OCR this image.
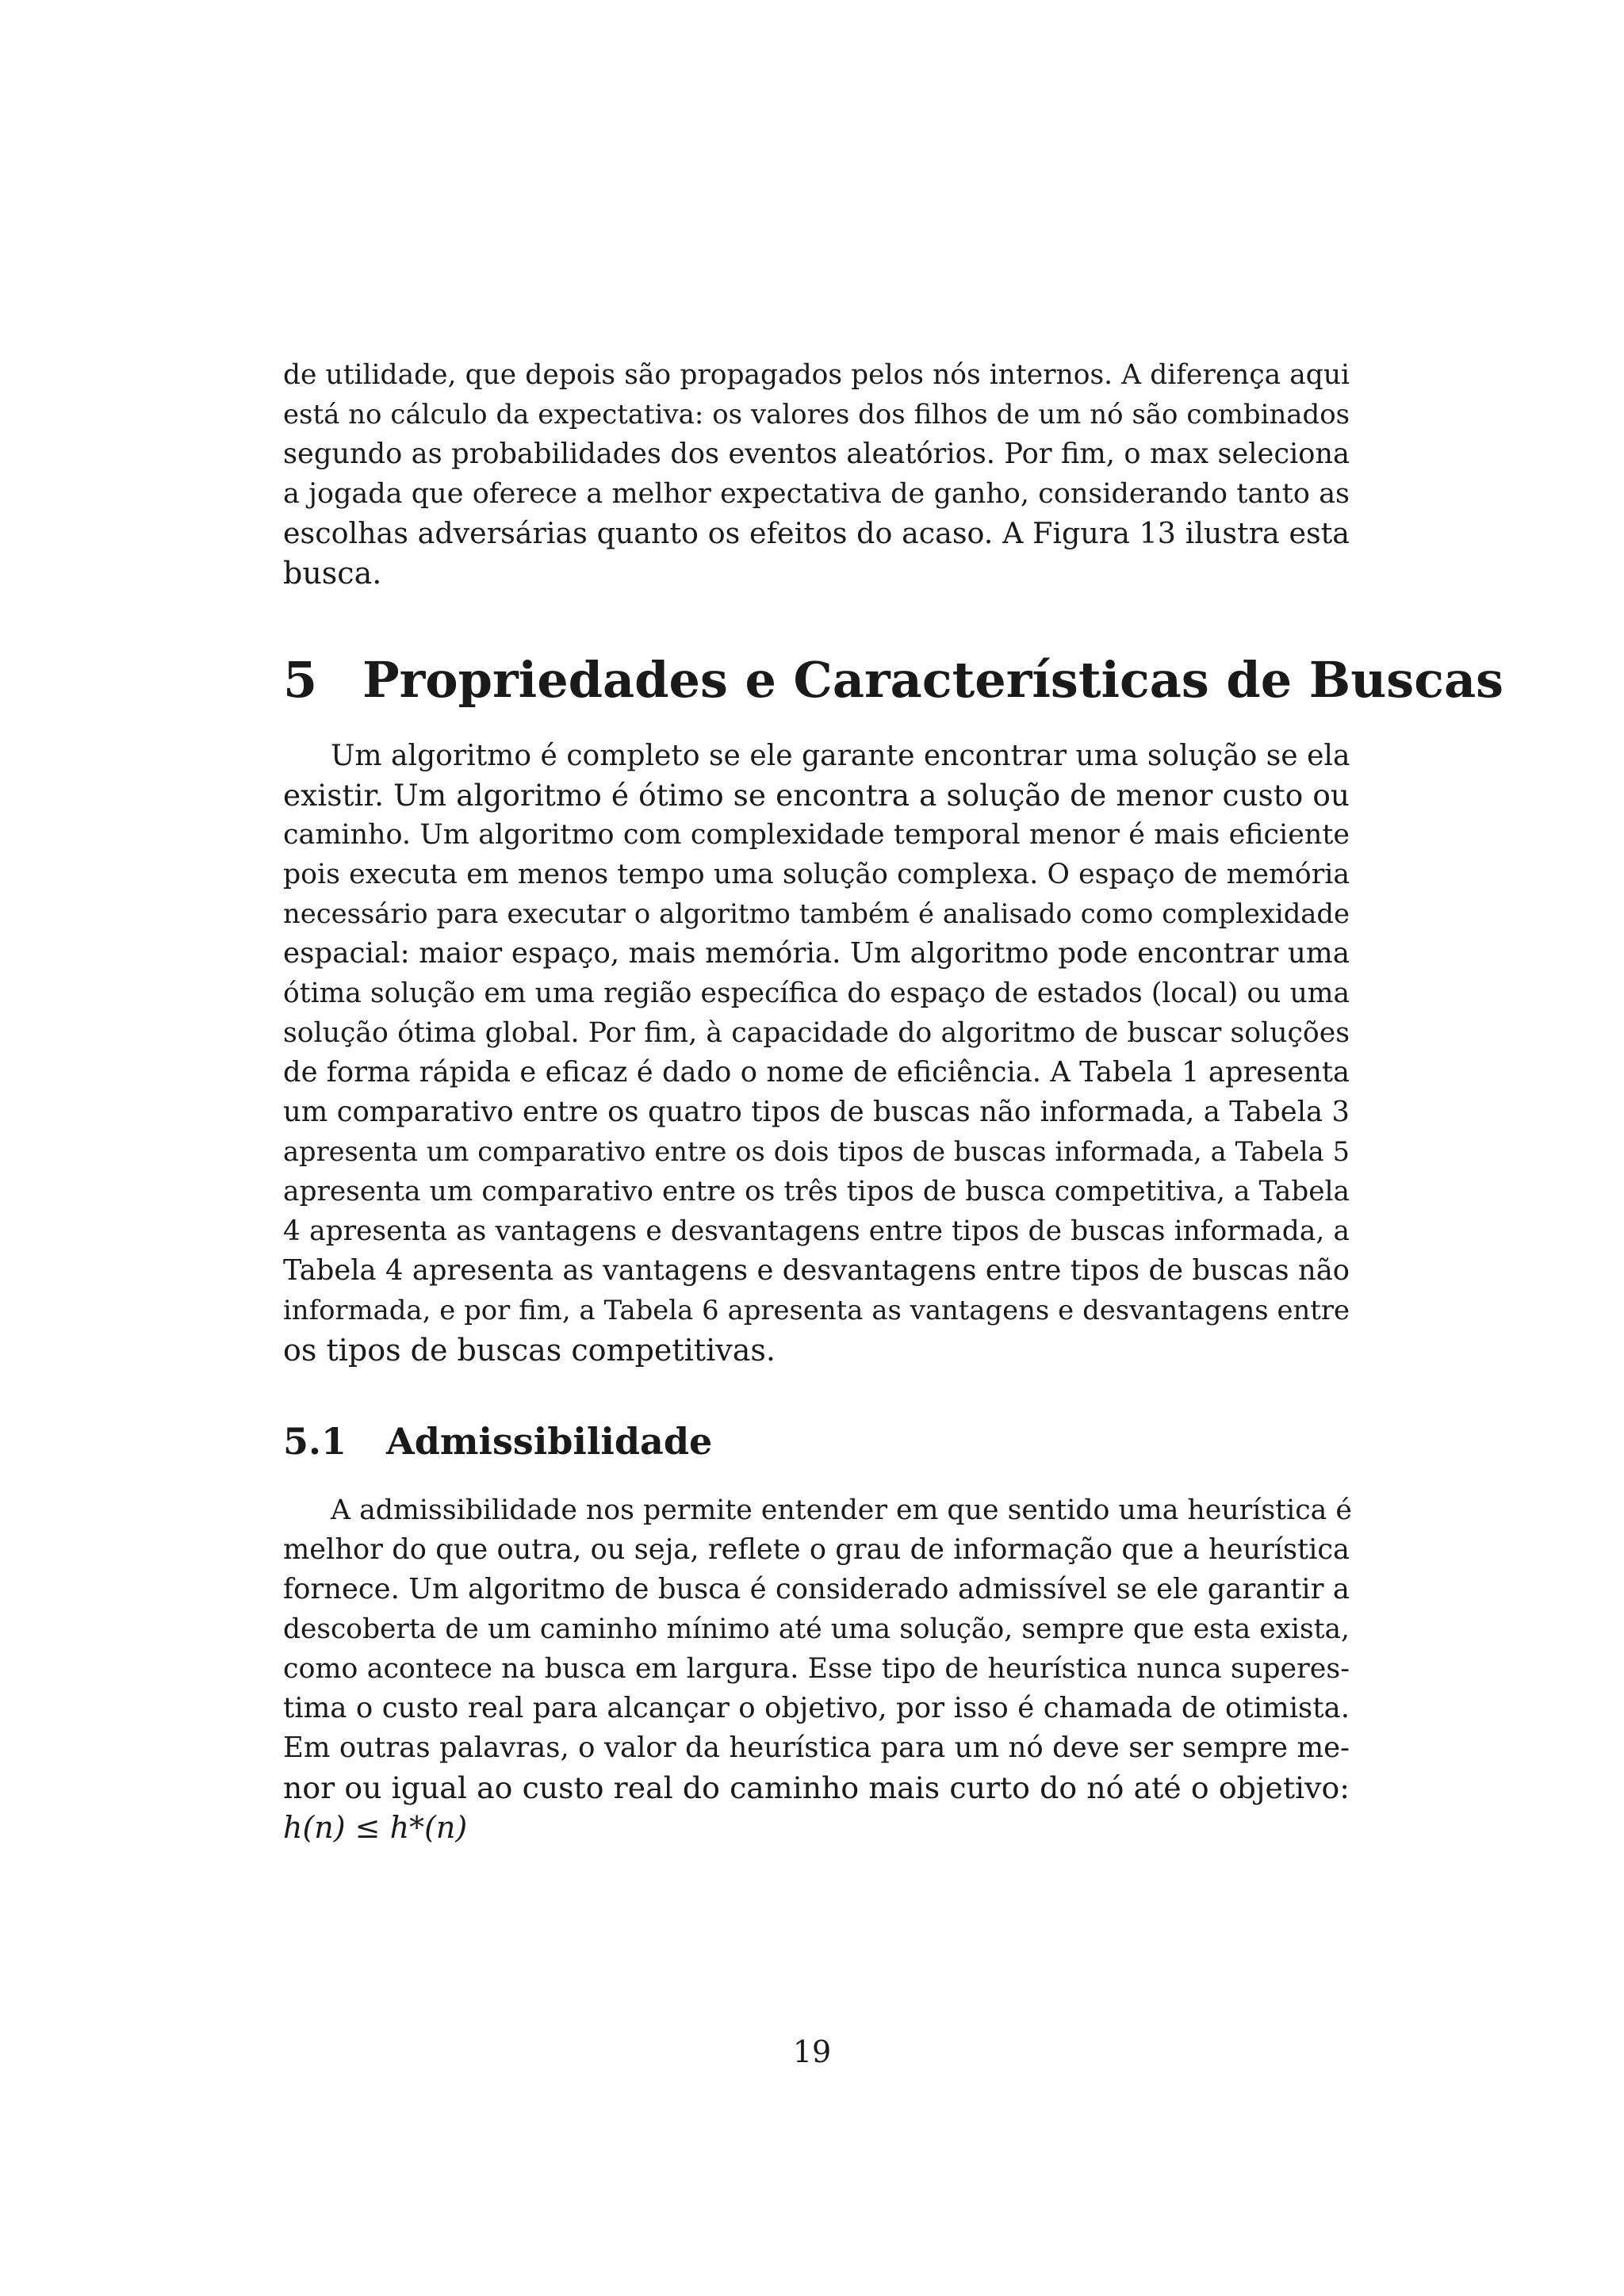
de utilidade, que depois são propagados pelos nós internos. A diferença aqui
está no cálculo da expectativa: os valores dos filhos de um nó são combinados
segundo as probabilidades dos eventos aleatórios. Por fim, o max seleciona
a jogada que oferece a melhor expectativa de ganho, considerando tanto as
escolhas adversárias quanto os efeitos do acaso. A Figura 13 ilustra esta
busca.
5 Propriedades e Características de Buscas
Um algoritmo é completo se ele garante encontrar uma solução se ela
existir. Um algoritmo é ótimo se encontra a solução de menor custo ou
caminho. Um algoritmo com complexidade temporal menor é mais eficiente
pois executa em menos tempo uma solução complexa. O espaço de memória
necessário para executar o algoritmo também é analisado como complexidade
espacial: maior espaço, mais memória. Um algoritmo pode encontrar uma
ótima solução em uma região específica do espaço de estados (local) ou uma
solução ótima global. Por fim, à capacidade do algoritmo de buscar soluções
de forma rápida e eficaz é dado o nome de eficiência. A Tabela 1 apresenta
um comparativo entre os quatro tipos de buscas não informada, a Tabela 3
apresenta um comparativo entre os dois tipos de buscas informada, a Tabela 5
apresenta um comparativo entre os três tipos de busca competitiva, a Tabela
4 apresenta as vantagens e desvantagens entre tipos de buscas informada, a
Tabela 4 apresenta as vantagens e desvantagens entre tipos de buscas não
informada, e por fim, a Tabela 6 apresenta as vantagens e desvantagens entre
os tipos de buscas competitivas.
5.1 Admissibilidade
A admissibilidade nos permite entender em que sentido uma heurística é
melhor do que outra, ou seja, reflete o grau de informação que a heurística
fornece. Um algoritmo de busca é considerado admissível se ele garantir a
descoberta de um caminho mínimo até uma solução, sempre que esta exista,
como acontece na busca em largura. Esse tipo de heurística nunca superes-
tima o custo real para alcançar o objetivo, por isso é chamada de otimista.
Em outras palavras, o valor da heurística para um nó deve ser sempre me-
nor ou igual ao custo real do caminho mais curto do nó até o objetivo:
h(n) ≤ h*(n)
19
